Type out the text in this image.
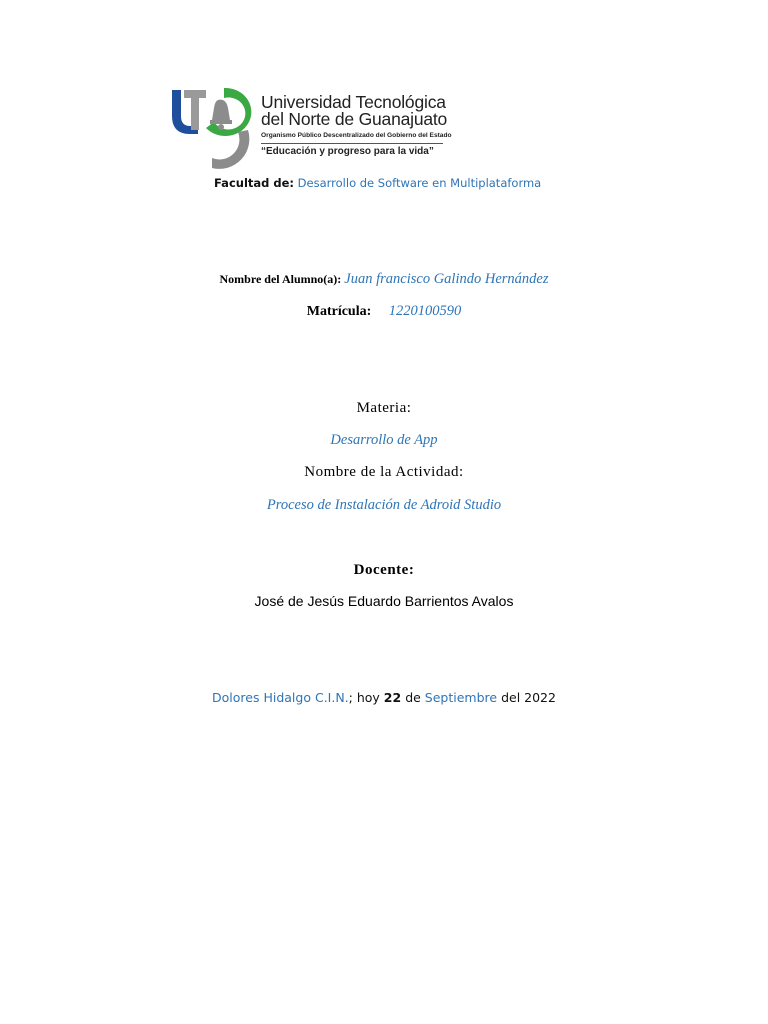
Universidad Tecnológica
del Norte de Guanajuato
Organismo Público Descentralizado del Gobierno del Estado
“Educación y progreso para la vida”
Facultad de: Desarrollo de Software en Multiplataforma
Nombre del Alumno(a): Juan francisco Galindo Hernández
Matrícula: 1220100590
Materia:
Desarrollo de App
Nombre de la Actividad:
Proceso de Instalación de Adroid Studio
Docente:
José de Jesús Eduardo Barrientos Avalos
Dolores Hidalgo C.I.N.; hoy 22 de Septiembre del 2022
